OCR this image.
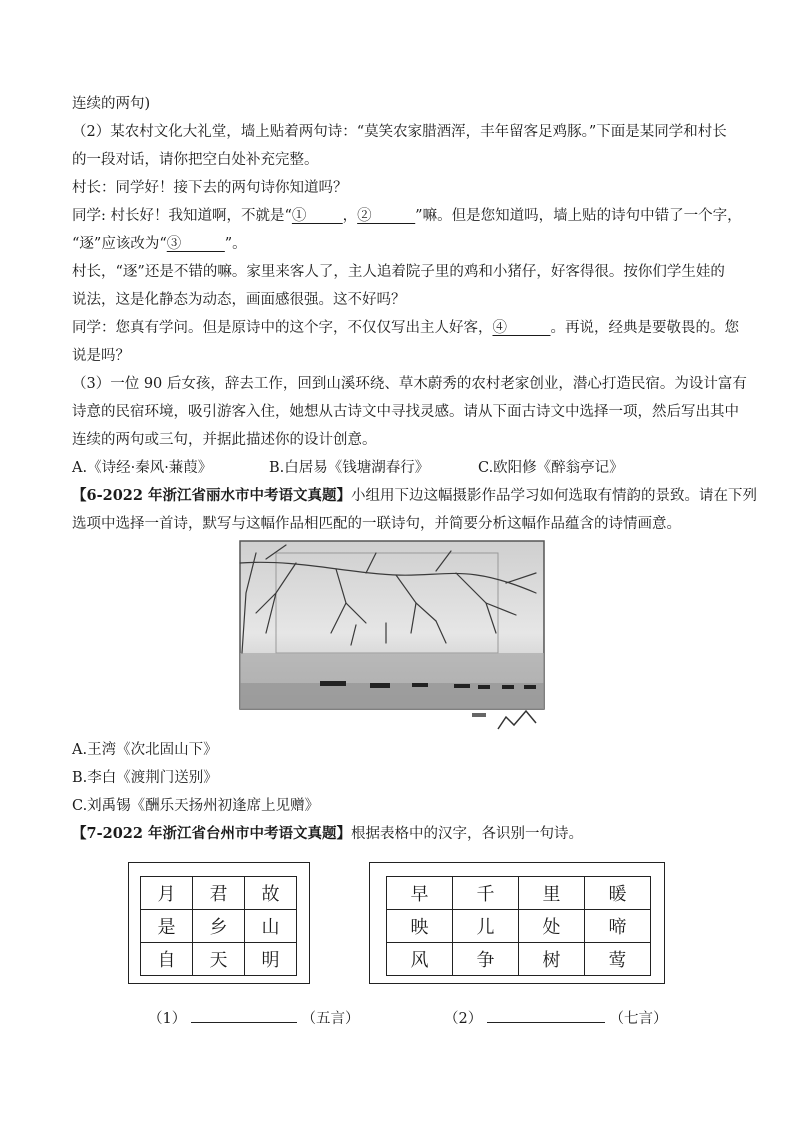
连续的两句)
（2）某农村文化大礼堂，墙上贴着两句诗：“莫笑农家腊酒浑，丰年留客足鸡豚。”下面是某同学和村长
的一段对话，请你把空白处补充完整。
村长：同学好！接下去的两句诗你知道吗？
同学: 村长好！我知道啊，不就是“①_____，②______”嘛。但是您知道吗，墙上贴的诗句中错了一个字，
“逐”应该改为“③______”。
村长，“逐”还是不错的嘛。家里来客人了，主人追着院子里的鸡和小猪仔，好客得很。按你们学生娃的
说法，这是化静态为动态，画面感很强。这不好吗？
同学：您真有学问。但是原诗中的这个字，不仅仅写出主人好客，④______。再说，经典是要敬畏的。您
说是吗？
（3）一位 90 后女孩，辞去工作，回到山溪环绕、草木蔚秀的农村老家创业，潜心打造民宿。为设计富有
诗意的民宿环境，吸引游客入住，她想从古诗文中寻找灵感。请从下面古诗文中选择一项，然后写出其中
连续的两句或三句，并据此描述你的设计创意。
A.《诗经·秦风·蒹葭》	B.白居易《钱塘湖春行》	C.欧阳修《醉翁亭记》
【6-2022 年浙江省丽水市中考语文真题】小组用下边这幅摄影作品学习如何选取有情韵的景致。请在下列
选项中选择一首诗，默写与这幅作品相匹配的一联诗句，并简要分析这幅作品蕴含的诗情画意。
A.王湾《次北固山下》
B.李白《渡荆门送别》
C.刘禹锡《酬乐天扬州初逢席上见赠》
【7-2022 年浙江省台州市中考语文真题】根据表格中的汉字，各识别一句诗。
月	君	故
是	乡	山
自	天	明
早	千	里	暖
映	儿	处	啼
风	争	树	莺
（1）	（五言）	（2）	（七言）
